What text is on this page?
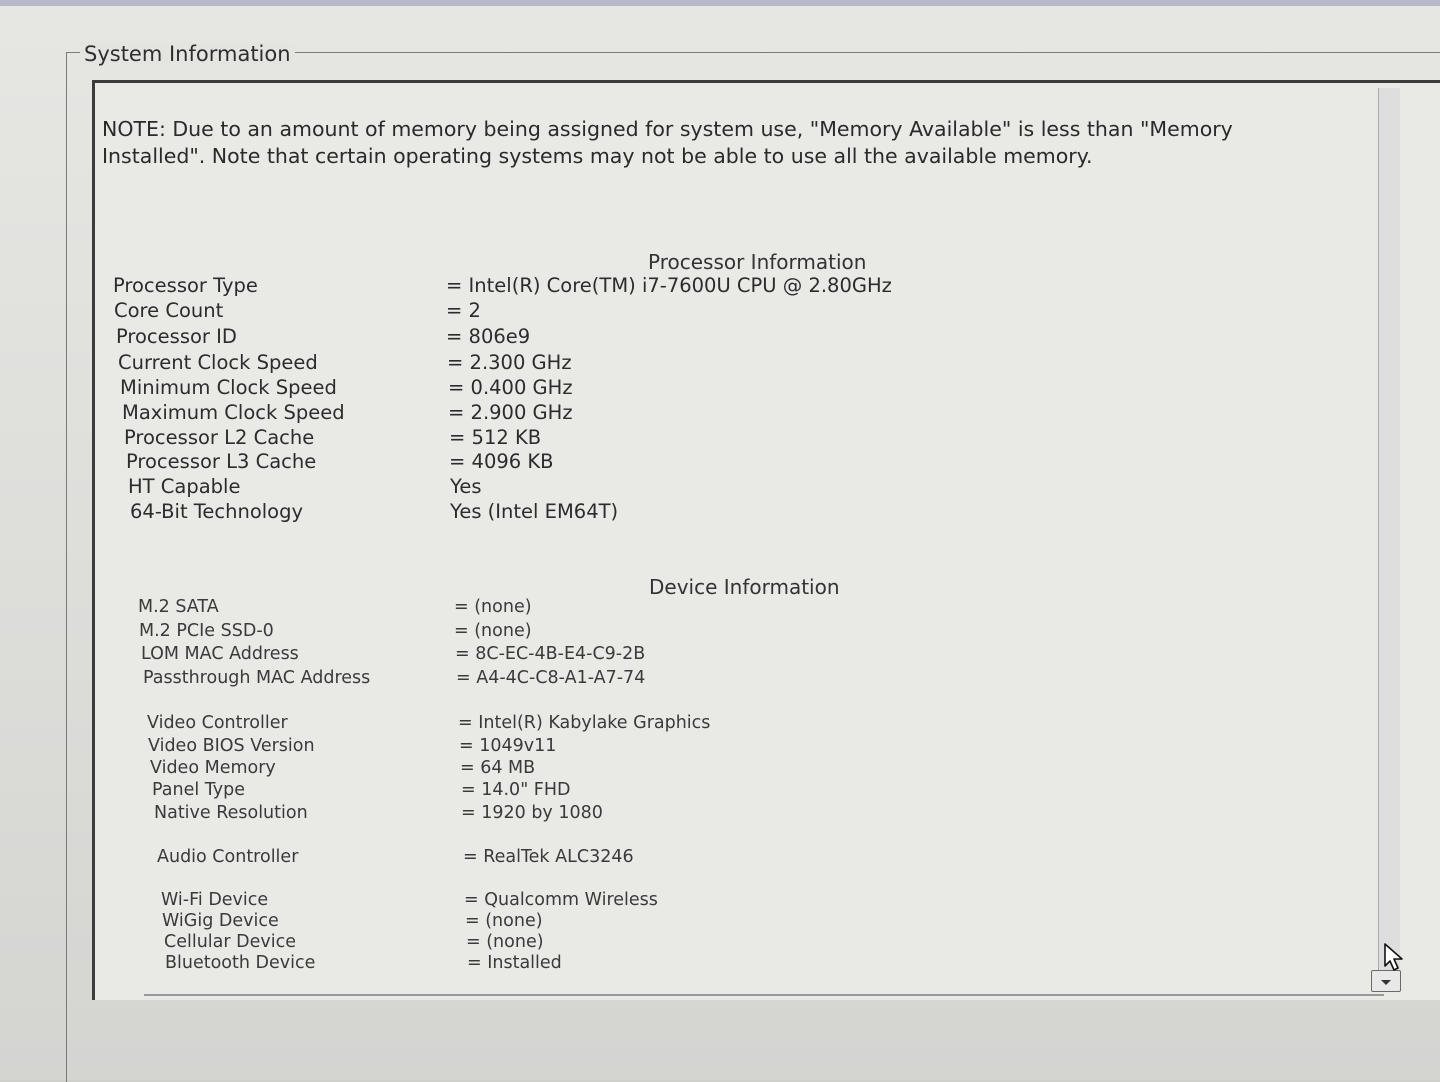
System Information
NOTE: Due to an amount of memory being assigned for system use, "Memory Available" is less than "Memory Installed". Note that certain operating systems may not be able to use all the available memory.
Processor Information
Processor Type	= Intel(R) Core(TM) i7-7600U CPU @ 2.80GHz
Core Count	= 2
Processor ID	= 806e9
Current Clock Speed	= 2.300 GHz
Minimum Clock Speed	= 0.400 GHz
Maximum Clock Speed	= 2.900 GHz
Processor L2 Cache	= 512 KB
Processor L3 Cache	= 4096 KB
HT Capable	Yes
64-Bit Technology	Yes (Intel EM64T)
Device Information
M.2 SATA	= (none)
M.2 PCIe SSD-0	= (none)
LOM MAC Address	= 8C-EC-4B-E4-C9-2B
Passthrough MAC Address	= A4-4C-C8-A1-A7-74
Video Controller	= Intel(R) Kabylake Graphics
Video BIOS Version	= 1049v11
Video Memory	= 64 MB
Panel Type	= 14.0" FHD
Native Resolution	= 1920 by 1080
Audio Controller	= RealTek ALC3246
Wi-Fi Device	= Qualcomm Wireless
WiGig Device	= (none)
Cellular Device	= (none)
Bluetooth Device	= Installed
